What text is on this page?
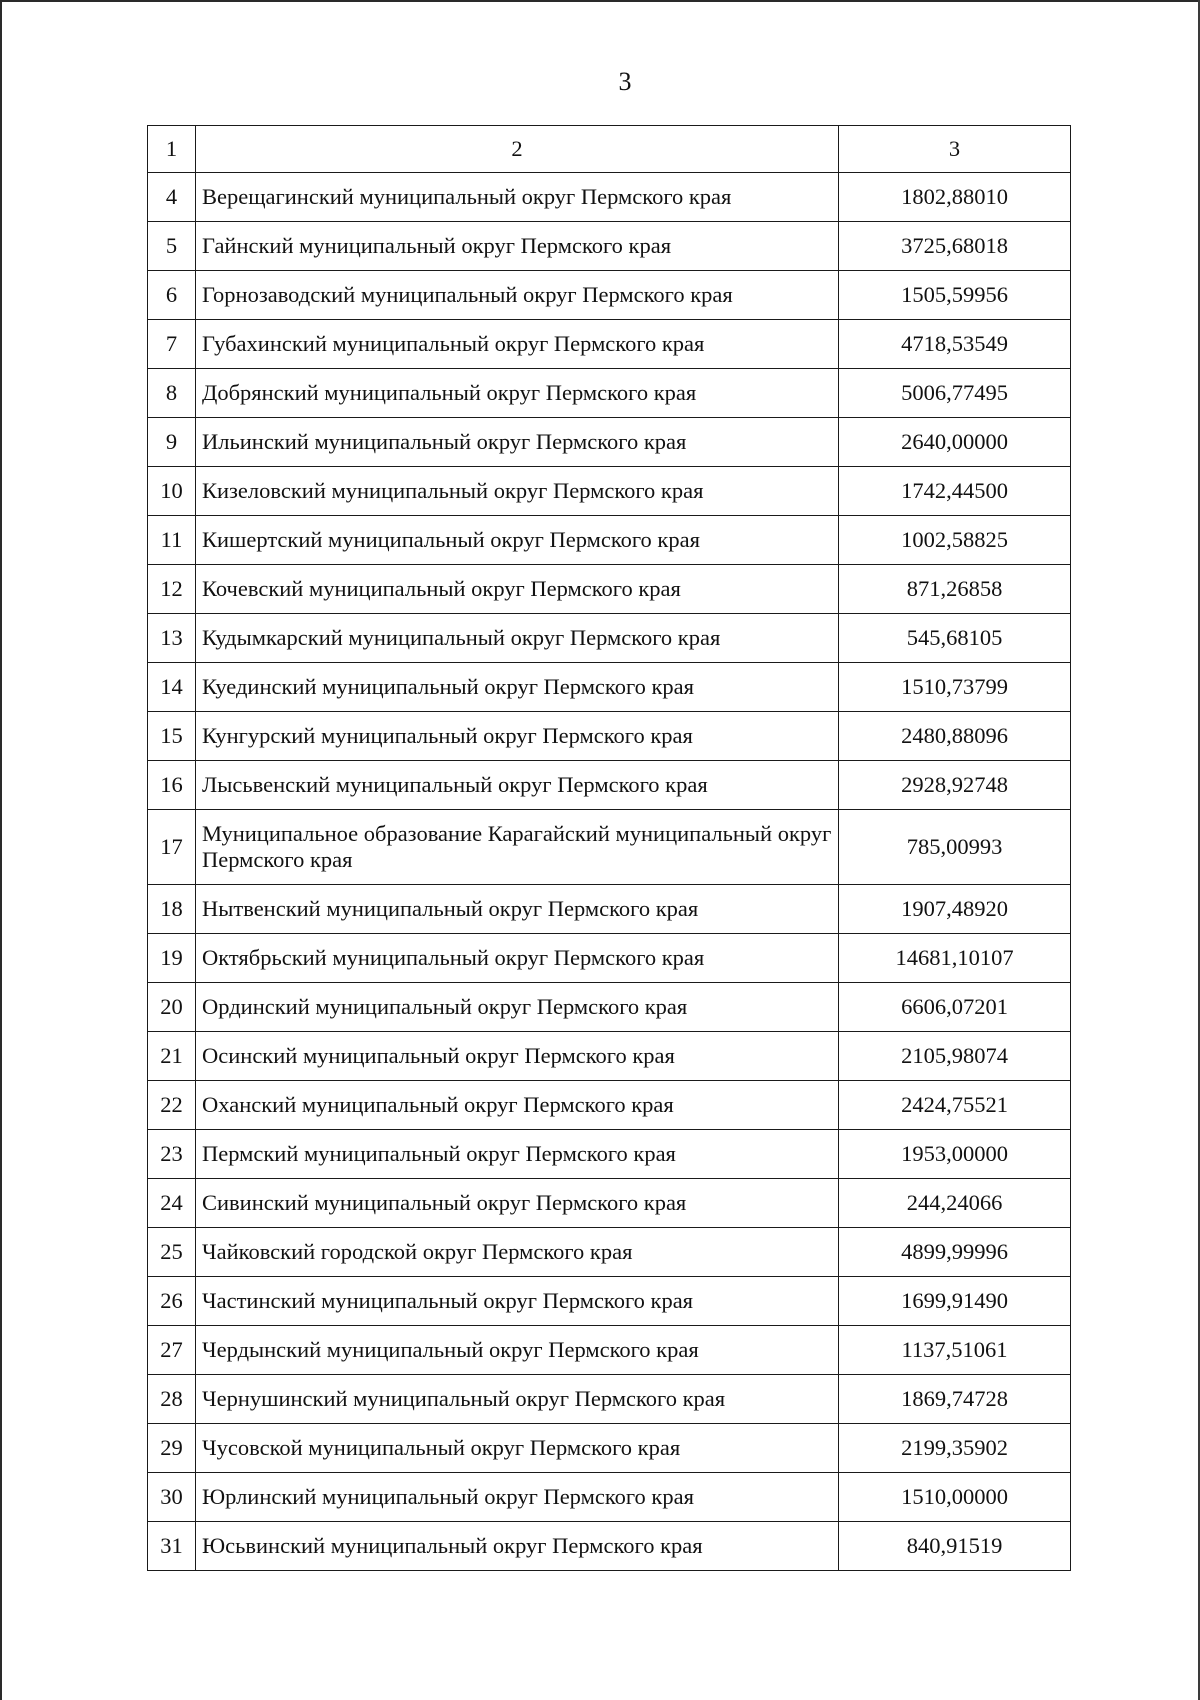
3
1	2	3
4	Верещагинский муниципальный округ Пермского края	1802,88010
5	Гайнский муниципальный округ Пермского края	3725,68018
6	Горнозаводский муниципальный округ Пермского края	1505,59956
7	Губахинский муниципальный округ Пермского края	4718,53549
8	Добрянский муниципальный округ Пермского края	5006,77495
9	Ильинский муниципальный округ Пермского края	2640,00000
10	Кизеловский муниципальный округ Пермского края	1742,44500
11	Кишертский муниципальный округ Пермского края	1002,58825
12	Кочевский муниципальный округ Пермского края	871,26858
13	Кудымкарский муниципальный округ Пермского края	545,68105
14	Куединский муниципальный округ Пермского края	1510,73799
15	Кунгурский муниципальный округ Пермского края	2480,88096
16	Лысьвенский муниципальный округ Пермского края	2928,92748
17	Муниципальное образование Карагайский муниципальный округ Пермского края	785,00993
18	Нытвенский муниципальный округ Пермского края	1907,48920
19	Октябрьский муниципальный округ Пермского края	14681,10107
20	Ординский муниципальный округ Пермского края	6606,07201
21	Осинский муниципальный округ Пермского края	2105,98074
22	Оханский муниципальный округ Пермского края	2424,75521
23	Пермский муниципальный округ Пермского края	1953,00000
24	Сивинский муниципальный округ Пермского края	244,24066
25	Чайковский городской округ Пермского края	4899,99996
26	Частинский муниципальный округ Пермского края	1699,91490
27	Чердынский муниципальный округ Пермского края	1137,51061
28	Чернушинский муниципальный округ Пермского края	1869,74728
29	Чусовской муниципальный округ Пермского края	2199,35902
30	Юрлинский муниципальный округ Пермского края	1510,00000
31	Юсьвинский муниципальный округ Пермского края	840,91519
